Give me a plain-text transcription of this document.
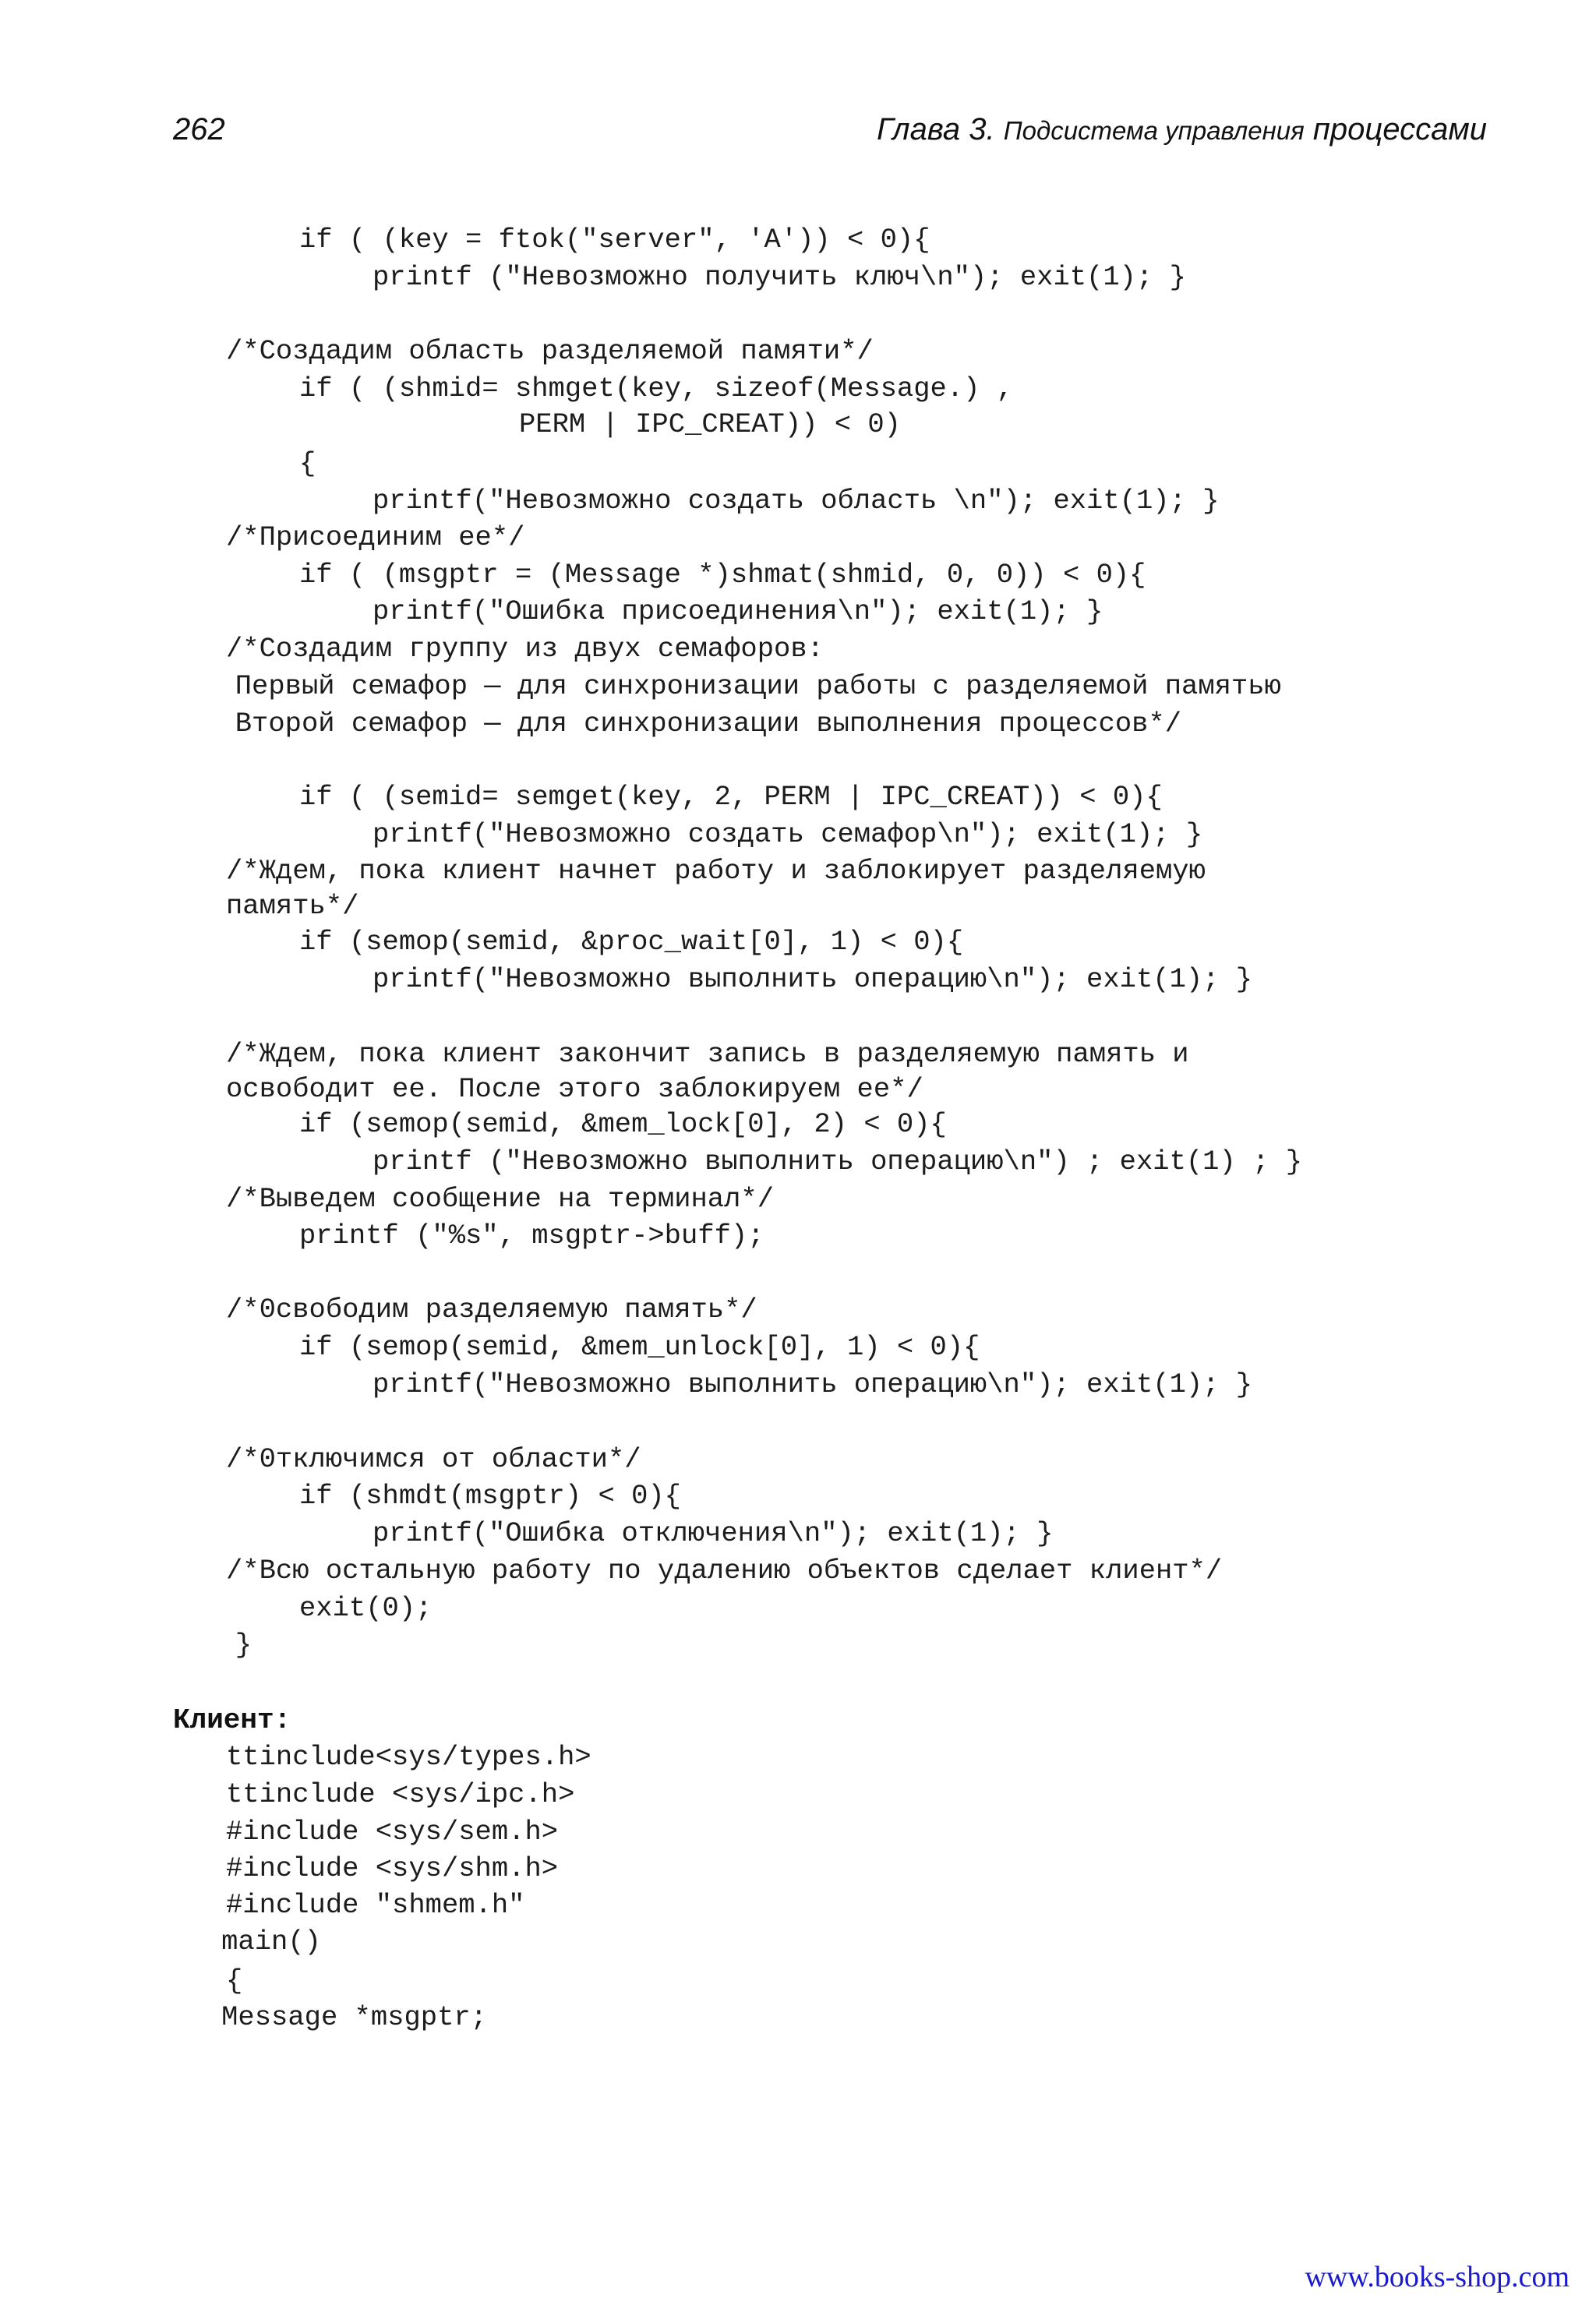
262	Глава 3. Подсистема управления процессами
if ( (key = ftok("server", 'A')) < 0){
printf ("Невозможно получить ключ\n"); exit(1); }
/*Создадим область разделяемой памяти*/
if ( (shmid= shmget(key, sizeof(Message.) ,
PERM | IPC_CREAT)) < 0)
{
printf("Невозможно создать область \n"); exit(1); }
/*Присоединим ее*/
if ( (msgptr = (Message *)shmat(shmid, 0, 0)) < 0){
printf("Ошибка присоединения\n"); exit(1); }
/*Создадим группу из двух семафоров:
Первый семафор — для синхронизации работы с разделяемой памятью
Второй семафор — для синхронизации выполнения процессов*/
if ( (semid= semget(key, 2, PERM | IPC_CREAT)) < 0){
printf("Невозможно создать семафор\n"); exit(1); }
/*Ждем, пока клиент начнет работу и заблокирует разделяемую
память*/
if (semop(semid, &proc_wait[0], 1) < 0){
printf("Невозможно выполнить операцию\n"); exit(1); }
/*Ждем, пока клиент закончит запись в разделяемую память и
освободит ее. После этого заблокируем ее*/
if (semop(semid, &mem_lock[0], 2) < 0){
printf ("Невозможно выполнить операцию\n") ; exit(1) ; }
/*Выведем сообщение на терминал*/
printf ("%s", msgptr->buff);
/*0свободим разделяемую память*/
if (semop(semid, &mem_unlock[0], 1) < 0){
printf("Невозможно выполнить операцию\n"); exit(1); }
/*0тключимся от области*/
if (shmdt(msgptr) < 0){
printf("Ошибка отключения\n"); exit(1); }
/*Всю остальную работу по удалению объектов сделает клиент*/
exit(0);
}
ttinclude<sys/types.h>
ttinclude <sys/ipc.h>
#include <sys/sem.h>
#include <sys/shm.h>
#include "shmem.h"
main()
{
Message *msgptr;
Клиент:
www.books-shop.com
